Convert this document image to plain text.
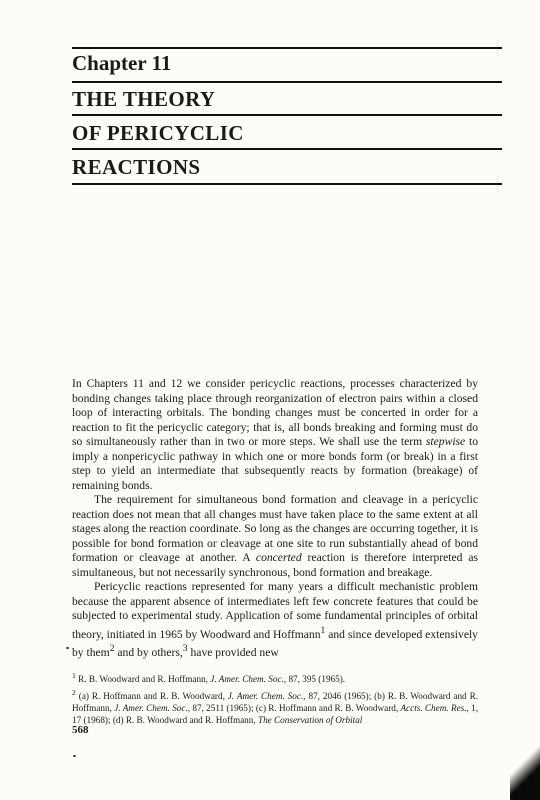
Chapter 11
THE THEORY
OF PERICYCLIC
REACTIONS

In Chapters 11 and 12 we consider pericyclic reactions, processes characterized by bonding changes taking place through reorganization of electron pairs within a closed loop of interacting orbitals. The bonding changes must be concerted in order for a reaction to fit the pericyclic category; that is, all bonds breaking and forming must do so simultaneously rather than in two or more steps. We shall use the term stepwise to imply a nonpericyclic pathway in which one or more bonds form (or break) in a first step to yield an intermediate that subsequently reacts by formation (breakage) of remaining bonds.

The requirement for simultaneous bond formation and cleavage in a pericyclic reaction does not mean that all changes must have taken place to the same extent at all stages along the reaction coordinate. So long as the changes are occurring together, it is possible for bond formation or cleavage at one site to run substantially ahead of bond formation or cleavage at another. A concerted reaction is therefore interpreted as simultaneous, but not necessarily synchronous, bond formation and breakage.

Pericyclic reactions represented for many years a difficult mechanistic problem because the apparent absence of intermediates left few concrete features that could be subjected to experimental study. Application of some fundamental principles of orbital theory, initiated in 1965 by Woodward and Hoffmann$^1$ and since developed extensively by them$^2$ and by others,$^3$ have provided new

$^1$ R. B. Woodward and R. Hoffmann, J. Amer. Chem. Soc., 87, 395 (1965).

$^2$ (a) R. Hoffmann and R. B. Woodward, J. Amer. Chem. Soc., 87, 2046 (1965); (b) R. B. Woodward and R. Hoffmann, J. Amer. Chem. Soc., 87, 2511 (1965); (c) R. Hoffmann and R. B. Woodward, Accts. Chem. Res., 1, 17 (1968); (d) R. B. Woodward and R. Hoffmann, The Conservation of Orbital

568
